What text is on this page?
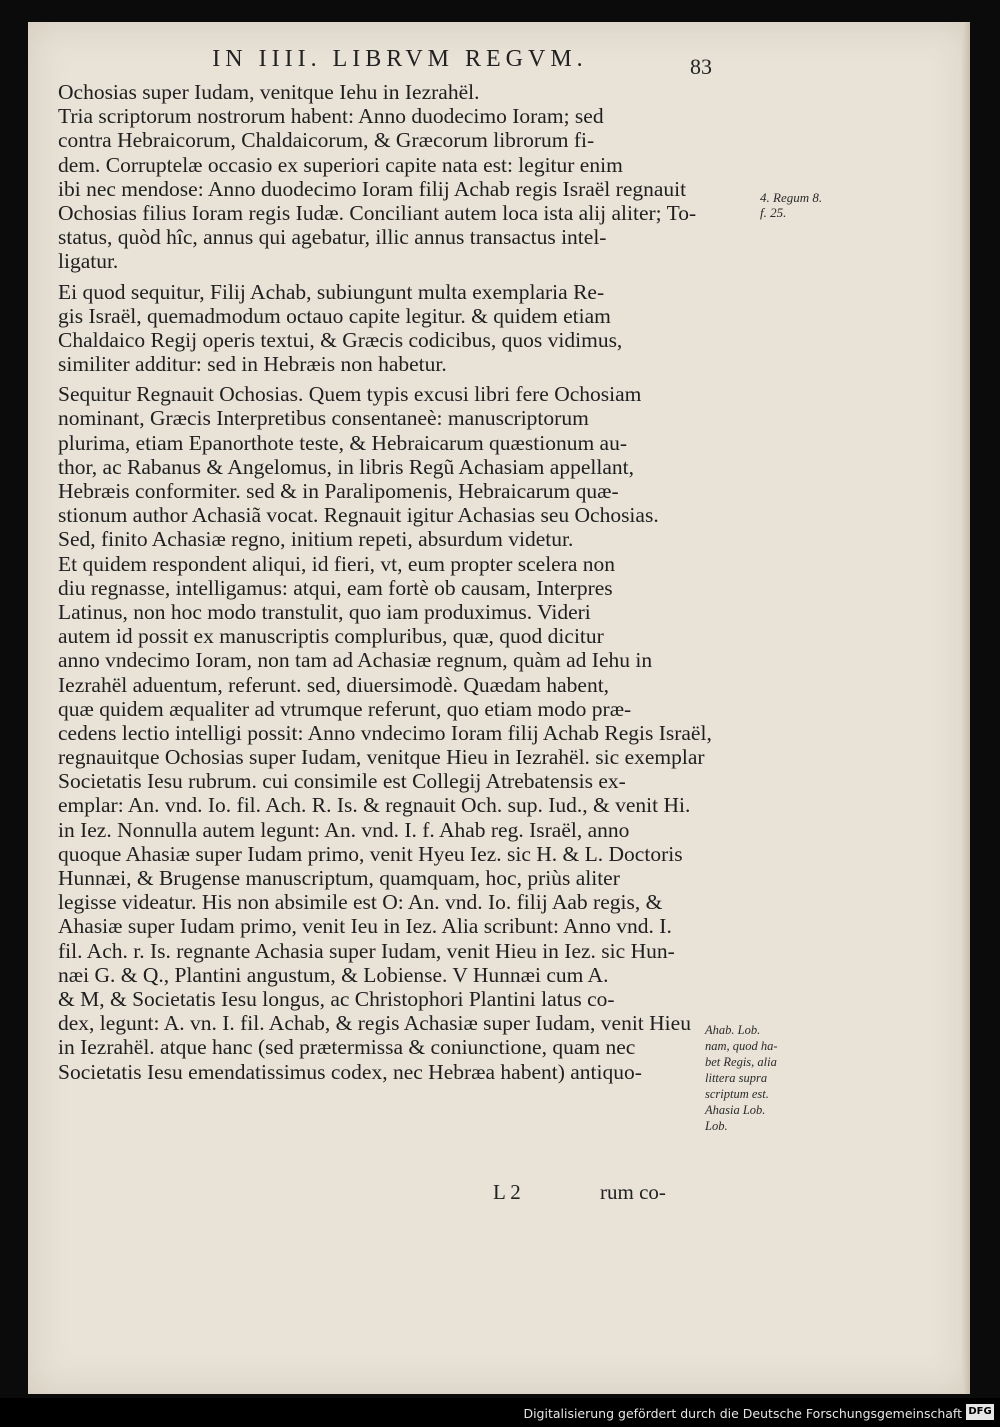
IN IIII. LIBRVM REGVM.	83
Ochosias super Iudam, venitque Iehu in Iezrahël.
Tria scriptorum nostrorum habent: Anno duodecimo Ioram; sed
contra Hebraicorum, Chaldaicorum, & Græcorum librorum fi-
dem. Corruptelæ occasio ex superiori capite nata est: legitur enim
ibi nec mendose: Anno duodecimo Ioram filij Achab regis Israël regnauit
Ochosias filius Ioram regis Iudæ. Conciliant autem loca ista alij aliter; To-
status, quòd hîc, annus qui agebatur, illic annus transactus intel-
ligatur.
Ei quod sequitur, Filij Achab, subiungunt multa exemplaria Re-
gis Israël, quemadmodum octauo capite legitur. & quidem etiam
Chaldaico Regij operis textui, & Græcis codicibus, quos vidimus,
similiter additur: sed in Hebræis non habetur.
Sequitur Regnauit Ochosias. Quem typis excusi libri fere Ochosiam
nominant, Græcis Interpretibus consentaneè: manuscriptorum
plurima, etiam Epanorthote teste, & Hebraicarum quæstionum au-
thor, ac Rabanus & Angelomus, in libris Regũ Achasiam appellant,
Hebræis conformiter. sed & in Paralipomenis, Hebraicarum quæ-
stionum author Achasiã vocat. Regnauit igitur Achasias seu Ochosias.
Sed, finito Achasiæ regno, initium repeti, absurdum videtur.
Et quidem respondent aliqui, id fieri, vt, eum propter scelera non
diu regnasse, intelligamus: atqui, eam fortè ob causam, Interpres
Latinus, non hoc modo transtulit, quo iam produximus. Videri
autem id possit ex manuscriptis compluribus, quæ, quod dicitur
anno vndecimo Ioram, non tam ad Achasiæ regnum, quàm ad Iehu in
Iezrahël aduentum, referunt. sed, diuersimodè. Quædam habent,
quæ quidem æqualiter ad vtrumque referunt, quo etiam modo præ-
cedens lectio intelligi possit: Anno vndecimo Ioram filij Achab Regis Israël,
regnauitque Ochosias super Iudam, venitque Hieu in Iezrahël. sic exemplar
Societatis Iesu rubrum. cui consimile est Collegij Atrebatensis ex-
emplar: An. vnd. Io. fil. Ach. R. Is. & regnauit Och. sup. Iud., & venit Hi.
in Iez. Nonnulla autem legunt: An. vnd. I. f. Ahab reg. Israël, anno
quoque Ahasiæ super Iudam primo, venit Hyeu Iez. sic H. & L. Doctoris
Hunnæi, & Brugense manuscriptum, quamquam, hoc, priùs aliter
legisse videatur. His non absimile est O: An. vnd. Io. filij Aab regis, &
Ahasiæ super Iudam primo, venit Ieu in Iez. Alia scribunt: Anno vnd. I.
fil. Ach. r. Is. regnante Achasia super Iudam, venit Hieu in Iez. sic Hun-
næi G. & Q., Plantini angustum, & Lobiense. V Hunnæi cum A.
& M, & Societatis Iesu longus, ac Christophori Plantini latus co-
dex, legunt: A. vn. I. fil. Achab, & regis Achasiæ super Iudam, venit Hieu
in Iezrahël. atque hanc (sed prætermissa & coniunctione, quam nec
Societatis Iesu emendatissimus codex, nec Hebræa habent) antiquo-
4. Regum 8.
f. 25.
Ahab. Lob.
nam, quod ha-
bet Regis, alia
littera supra
scriptum est.
Ahasia Lob.
Lob.
L 2	rum co-
Digitalisierung gefördert durch die Deutsche Forschungsgemeinschaft DFG
